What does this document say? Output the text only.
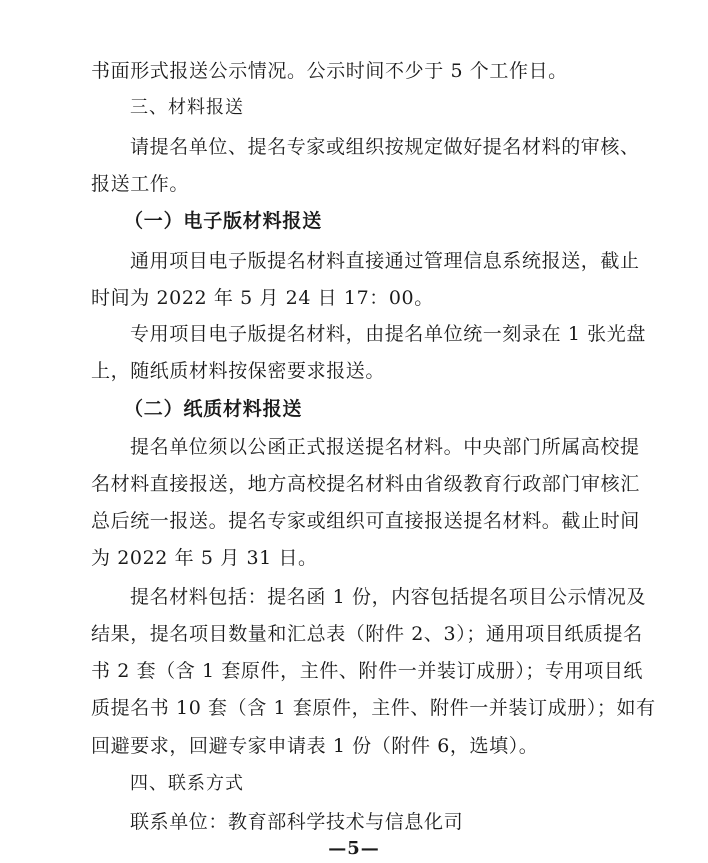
书面形式报送公示情况。公示时间不少于 5 个工作日。
三、材料报送
请提名单位、提名专家或组织按规定做好提名材料的审核、
报送工作。
（一）电子版材料报送
通用项目电子版提名材料直接通过管理信息系统报送，截止
时间为 2022 年 5 月 24 日 17：00。
专用项目电子版提名材料，由提名单位统一刻录在 1 张光盘
上，随纸质材料按保密要求报送。
（二）纸质材料报送
提名单位须以公函正式报送提名材料。中央部门所属高校提
名材料直接报送，地方高校提名材料由省级教育行政部门审核汇
总后统一报送。提名专家或组织可直接报送提名材料。截止时间
为 2022 年 5 月 31 日。
提名材料包括：提名函 1 份，内容包括提名项目公示情况及
结果，提名项目数量和汇总表（附件 2、3）；通用项目纸质提名
书 2 套（含 1 套原件，主件、附件一并装订成册）；专用项目纸
质提名书 10 套（含 1 套原件，主件、附件一并装订成册）；如有
回避要求，回避专家申请表 1 份（附件 6，选填）。
四、联系方式
联系单位：教育部科学技术与信息化司
—5—
